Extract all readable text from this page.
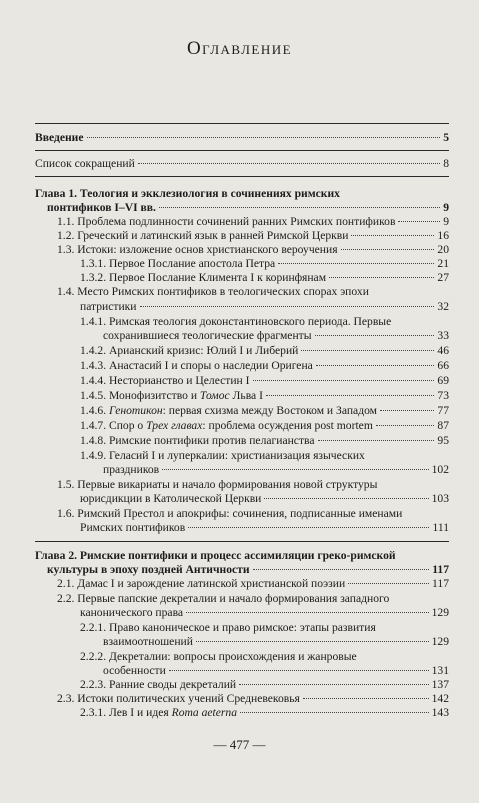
Оглавление
Введение	5
Список сокращений	8
Глава 1. Теология и экклезиология в сочинениях римских
понтификов I–VI вв.	9
1.1. Проблема подлинности сочинений ранних Римских понтификов	9
1.2. Греческий и латинский язык в ранней Римской Церкви	16
1.3. Истоки: изложение основ христианского вероучения	20
1.3.1. Первое Послание апостола Петра	21
1.3.2. Первое Послание Климента I к коринфянам	27
1.4. Место Римских понтификов в теологических спорах эпохи
патристики	32
1.4.1. Римская теология доконстантиновского периода. Первые
сохранившиеся теологические фрагменты	33
1.4.2. Арианский кризис: Юлий I и Либерий	46
1.4.3. Анастасий I и споры о наследии Оригена	66
1.4.4. Несторианство и Целестин I	69
1.4.5. Монофизитство и Томос Льва I	73
1.4.6. Генотикон: первая схизма между Востоком и Западом	77
1.4.7. Спор о Трех главах: проблема осуждения post mortem	87
1.4.8. Римские понтифики против пелагианства	95
1.4.9. Геласий I и луперкалии: христианизация языческих
праздников	102
1.5. Первые викариаты и начало формирования новой структуры
юрисдикции в Католической Церкви	103
1.6. Римский Престол и апокрифы: сочинения, подписанные именами
Римских понтификов	111
Глава 2. Римские понтифики и процесс ассимиляции греко-римской
культуры в эпоху поздней Античности	117
2.1. Дамас I и зарождение латинской христианской поэзии	117
2.2. Первые папские декреталии и начало формирования западного
канонического права	129
2.2.1. Право каноническое и право римское: этапы развития
взаимоотношений	129
2.2.2. Декреталии: вопросы происхождения и жанровые
особенности	131
2.2.3. Ранние своды декреталий	137
2.3. Истоки политических учений Средневековья	142
2.3.1. Лев I и идея Roma aeterna	143
— 477 —
